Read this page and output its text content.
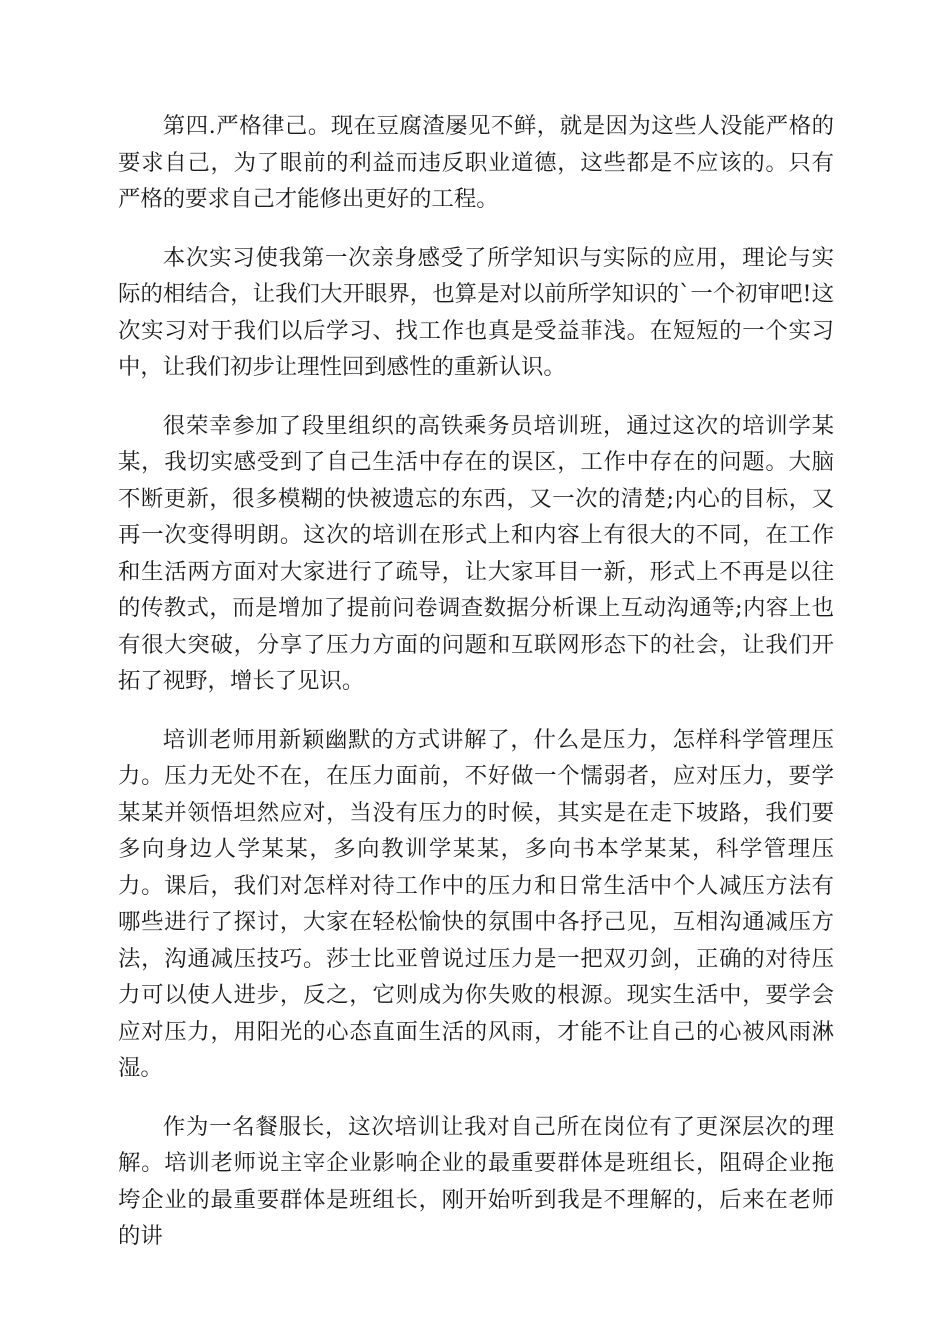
第四.严格律己。现在豆腐渣屡见不鲜，就是因为这些人没能严格的要求自己，为了眼前的利益而违反职业道德，这些都是不应该的。只有严格的要求自己才能修出更好的工程。

本次实习使我第一次亲身感受了所学知识与实际的应用，理论与实际的相结合，让我们大开眼界，也算是对以前所学知识的`一个初审吧!这次实习对于我们以后学习、找工作也真是受益菲浅。在短短的一个实习中，让我们初步让理性回到感性的重新认识。

很荣幸参加了段里组织的高铁乘务员培训班，通过这次的培训学某某，我切实感受到了自己生活中存在的误区，工作中存在的问题。大脑不断更新，很多模糊的快被遗忘的东西，又一次的清楚;内心的目标，又再一次变得明朗。这次的培训在形式上和内容上有很大的不同，在工作和生活两方面对大家进行了疏导，让大家耳目一新，形式上不再是以往的传教式，而是增加了提前问卷调查数据分析课上互动沟通等;内容上也有很大突破，分享了压力方面的问题和互联网形态下的社会，让我们开拓了视野，增长了见识。

培训老师用新颖幽默的方式讲解了，什么是压力，怎样科学管理压力。压力无处不在，在压力面前，不好做一个懦弱者，应对压力，要学某某并领悟坦然应对，当没有压力的时候，其实是在走下坡路，我们要多向身边人学某某，多向教训学某某，多向书本学某某，科学管理压力。课后，我们对怎样对待工作中的压力和日常生活中个人减压方法有哪些进行了探讨，大家在轻松愉快的氛围中各抒己见，互相沟通减压方法，沟通减压技巧。莎士比亚曾说过压力是一把双刃剑，正确的对待压力可以使人进步，反之，它则成为你失败的根源。现实生活中，要学会应对压力，用阳光的心态直面生活的风雨，才能不让自己的心被风雨淋湿。

作为一名餐服长，这次培训让我对自己所在岗位有了更深层次的理解。培训老师说主宰企业影响企业的最重要群体是班组长，阻碍企业拖垮企业的最重要群体是班组长，刚开始听到我是不理解的，后来在老师的讲
